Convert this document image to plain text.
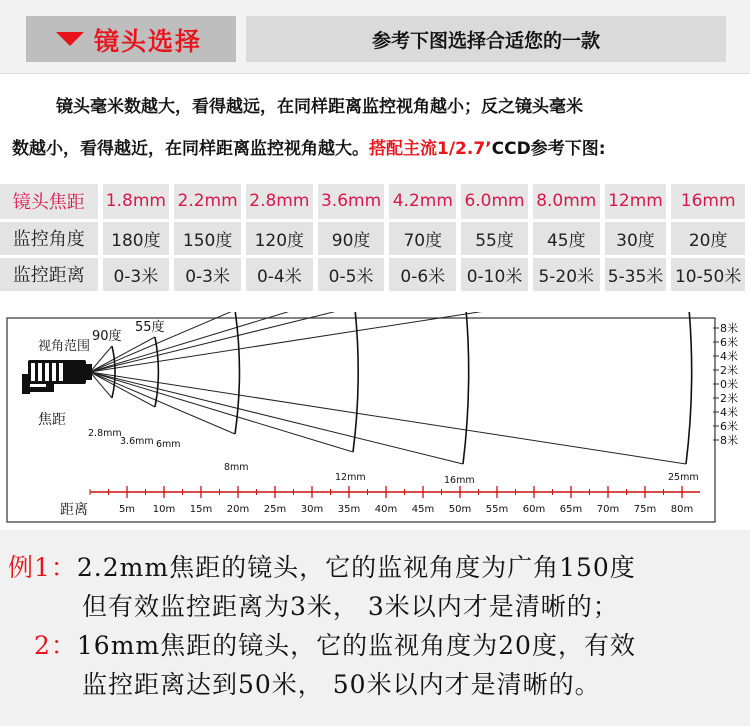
镜头选择	参考下图选择合适您的一款
镜头毫米数越大，看得越远，在同样距离监控视角越小；反之镜头毫米
数越小，看得越近，在同样距离监控视角越大。搭配主流1/2.7’CCD参考下图:
镜头焦距	1.8mm	2.2mm	2.8mm	3.6mm	4.2mm	6.0mm	8.0mm	12mm	16mm
监控角度	180度	150度	120度	90度	70度	55度	45度	30度	20度
监控距离	0-3米	0-3米	0-4米	0-5米	0-6米	0-10米	5-20米	5-35米	10-50米
90度
55度
2.8mm
3.6mm 6mm
8mm
12mm	16mm	25mm
5m 10m 15m 20m 25m 30m 35m 40m 45m 50m 55m 60m 65m 70m 75m 80m
8米
6米
4米
2米
0米
2米
4米
6米
8米
视角范围
焦距
距离
例1：2.2mm焦距的镜头，它的监视角度为广角150度
但有效监控距离为3米， 3米以内才是清晰的；
2：16mm焦距的镜头，它的监视角度为20度，有效
监控距离达到50米， 50米以内才是清晰的。
